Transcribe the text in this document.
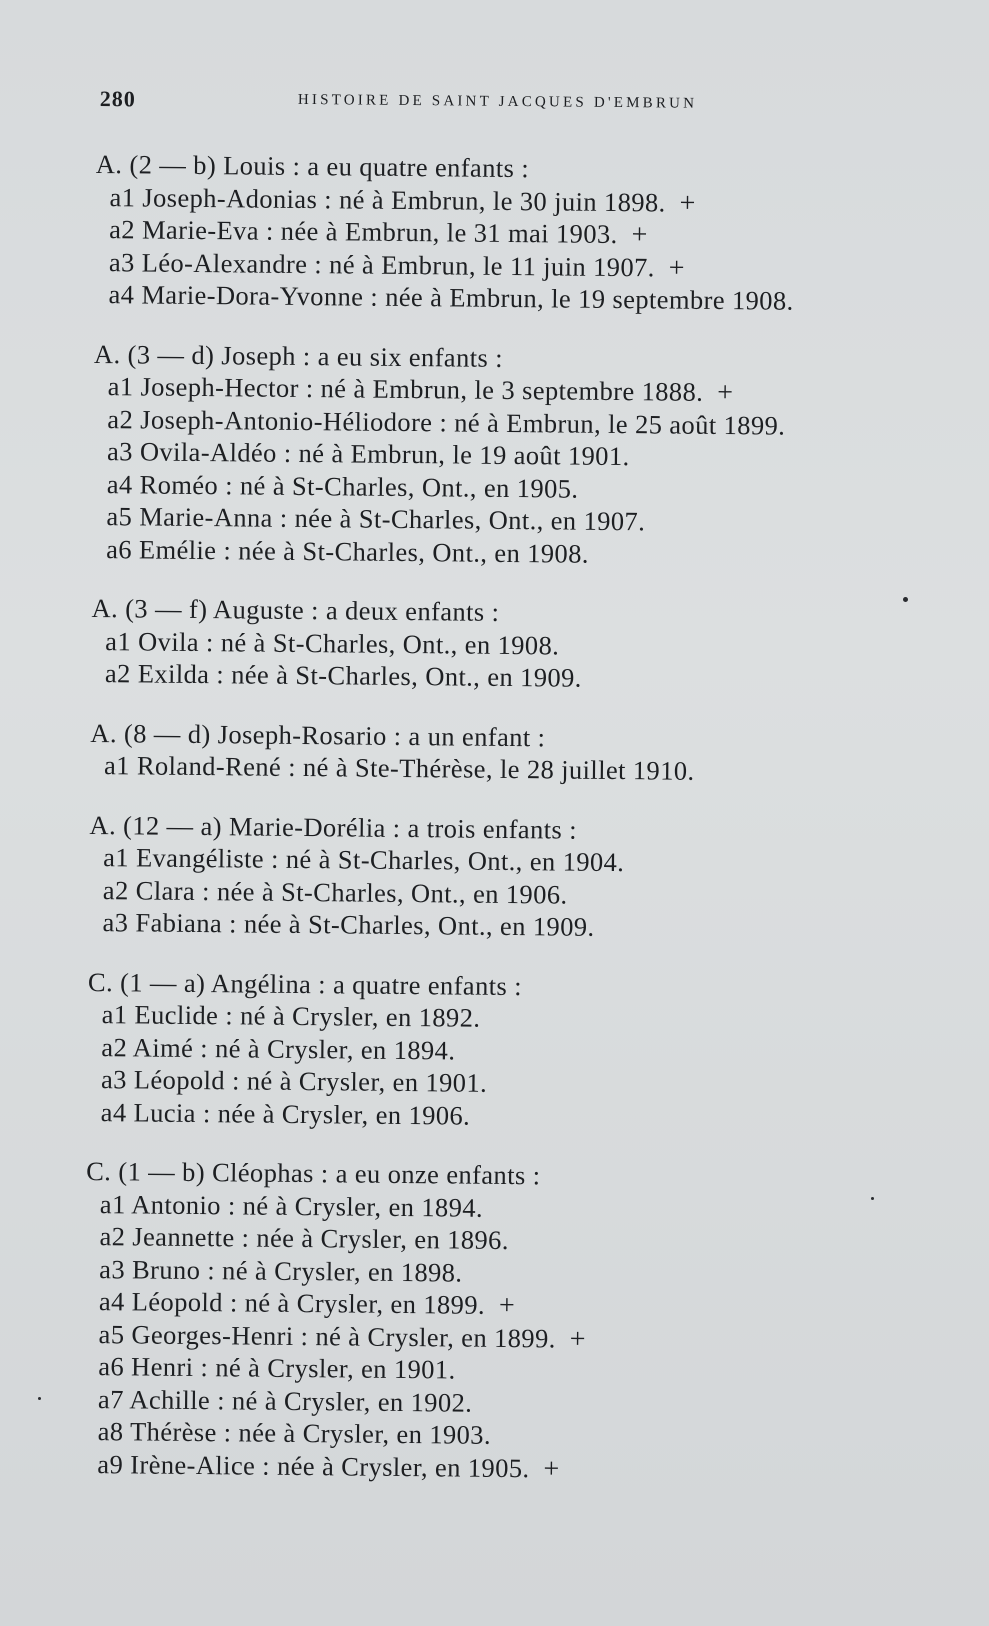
280	HISTOIRE DE SAINT JACQUES D'EMBRUN
A. (2 — b) Louis : a eu quatre enfants :
a1 Joseph-Adonias : né à Embrun, le 30 juin 1898. +
a2 Marie-Eva : née à Embrun, le 31 mai 1903. +
a3 Léo-Alexandre : né à Embrun, le 11 juin 1907. +
a4 Marie-Dora-Yvonne : née à Embrun, le 19 septembre 1908.
A. (3 — d) Joseph : a eu six enfants :
a1 Joseph-Hector : né à Embrun, le 3 septembre 1888. +
a2 Joseph-Antonio-Héliodore : né à Embrun, le 25 août 1899.
a3 Ovila-Aldéo : né à Embrun, le 19 août 1901.
a4 Roméo : né à St-Charles, Ont., en 1905.
a5 Marie-Anna : née à St-Charles, Ont., en 1907.
a6 Emélie : née à St-Charles, Ont., en 1908.
A. (3 — f) Auguste : a deux enfants :
a1 Ovila : né à St-Charles, Ont., en 1908.
a2 Exilda : née à St-Charles, Ont., en 1909.
A. (8 — d) Joseph-Rosario : a un enfant :
a1 Roland-René : né à Ste-Thérèse, le 28 juillet 1910.
A. (12 — a) Marie-Dorélia : a trois enfants :
a1 Evangéliste : né à St-Charles, Ont., en 1904.
a2 Clara : née à St-Charles, Ont., en 1906.
a3 Fabiana : née à St-Charles, Ont., en 1909.
C. (1 — a) Angélina : a quatre enfants :
a1 Euclide : né à Crysler, en 1892.
a2 Aimé : né à Crysler, en 1894.
a3 Léopold : né à Crysler, en 1901.
a4 Lucia : née à Crysler, en 1906.
C. (1 — b) Cléophas : a eu onze enfants :
a1 Antonio : né à Crysler, en 1894.
a2 Jeannette : née à Crysler, en 1896.
a3 Bruno : né à Crysler, en 1898.
a4 Léopold : né à Crysler, en 1899. +
a5 Georges-Henri : né à Crysler, en 1899. +
a6 Henri : né à Crysler, en 1901.
a7 Achille : né à Crysler, en 1902.
a8 Thérèse : née à Crysler, en 1903.
a9 Irène-Alice : née à Crysler, en 1905. +
